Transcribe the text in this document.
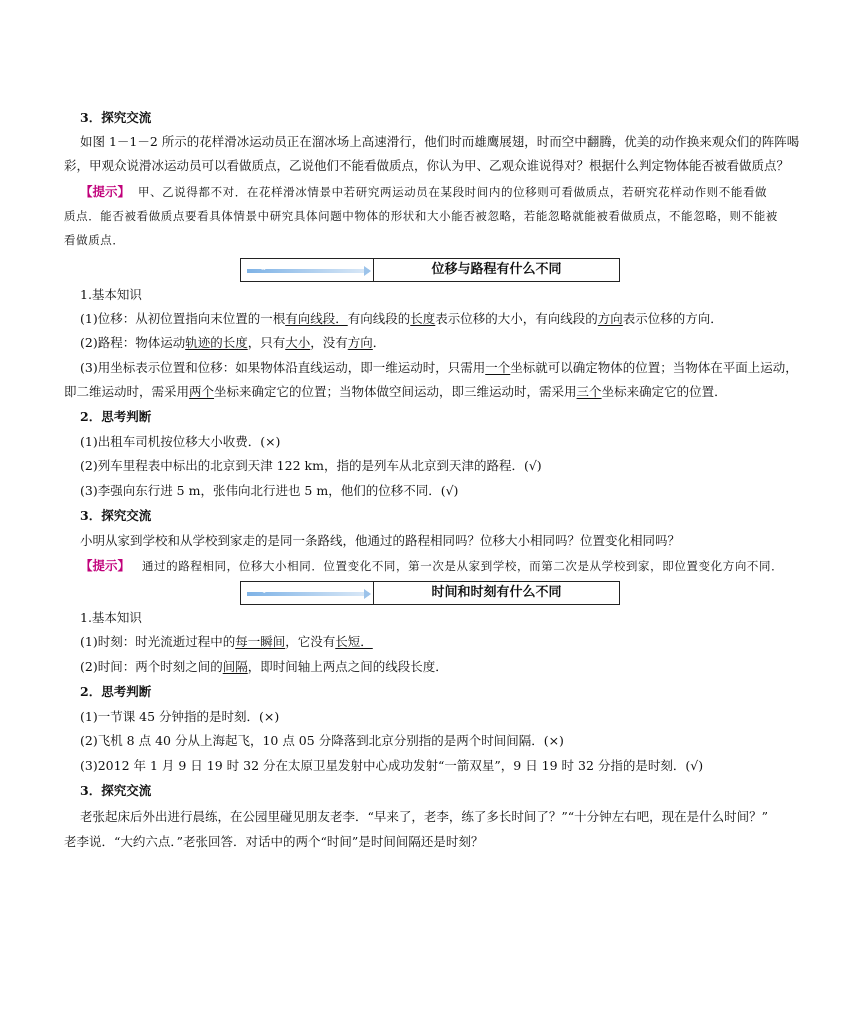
3．探究交流
如图 1－1－2 所示的花样滑冰运动员正在溜冰场上高速滑行，他们时而雄鹰展翅，时而空中翻腾，优美的动作换来观众们的阵阵喝
彩，甲观众说滑冰运动员可以看做质点，乙说他们不能看做质点，你认为甲、乙观众谁说得对？根据什么判定物体能否被看做质点？
【提示】 甲、乙说得都不对．在花样滑冰情景中若研究两运动员在某段时间内的位移则可看做质点，若研究花样动作则不能看做
质点．能否被看做质点要看具体情景中研究具体问题中物体的形状和大小能否被忽略，若能忽略就能被看做质点，不能忽略，则不能被
看做质点．
3	位移与路程有什么不同
1.基本知识
(1)位移：从初位置指向末位置的一根有向线段．有向线段的长度表示位移的大小，有向线段的方向表示位移的方向．
(2)路程：物体运动轨迹的长度，只有大小，没有方向．
(3)用坐标表示位置和位移：如果物体沿直线运动，即一维运动时，只需用一个坐标就可以确定物体的位置；当物体在平面上运动，
即二维运动时，需采用两个坐标来确定它的位置；当物体做空间运动，即三维运动时，需采用三个坐标来确定它的位置．
2．思考判断
(1)出租车司机按位移大小收费．(×)
(2)列车里程表中标出的北京到天津 122 km，指的是列车从北京到天津的路程．(√)
(3)李强向东行进 5 m，张伟向北行进也 5 m，他们的位移不同．(√)
3．探究交流
小明从家到学校和从学校到家走的是同一条路线，他通过的路程相同吗？位移大小相同吗？位置变化相同吗？
【提示】 通过的路程相同，位移大小相同．位置变化不同，第一次是从家到学校，而第二次是从学校到家，即位置变化方向不同．
4	时间和时刻有什么不同
1.基本知识
(1)时刻：时光流逝过程中的每一瞬间，它没有长短．
(2)时间：两个时刻之间的间隔，即时间轴上两点之间的线段长度．
2．思考判断
(1)一节课 45 分钟指的是时刻．(×)
(2)飞机 8 点 40 分从上海起飞，10 点 05 分降落到北京分别指的是两个时间间隔．(×)
(3)2012 年 1 月 9 日 19 时 32 分在太原卫星发射中心成功发射“一箭双星”，9 日 19 时 32 分指的是时刻．(√)
3．探究交流
老张起床后外出进行晨练，在公园里碰见朋友老李．“早来了，老李，练了多长时间了？”“十分钟左右吧，现在是什么时间？”
老李说．“大约六点．”老张回答．对话中的两个“时间”是时间间隔还是时刻？
